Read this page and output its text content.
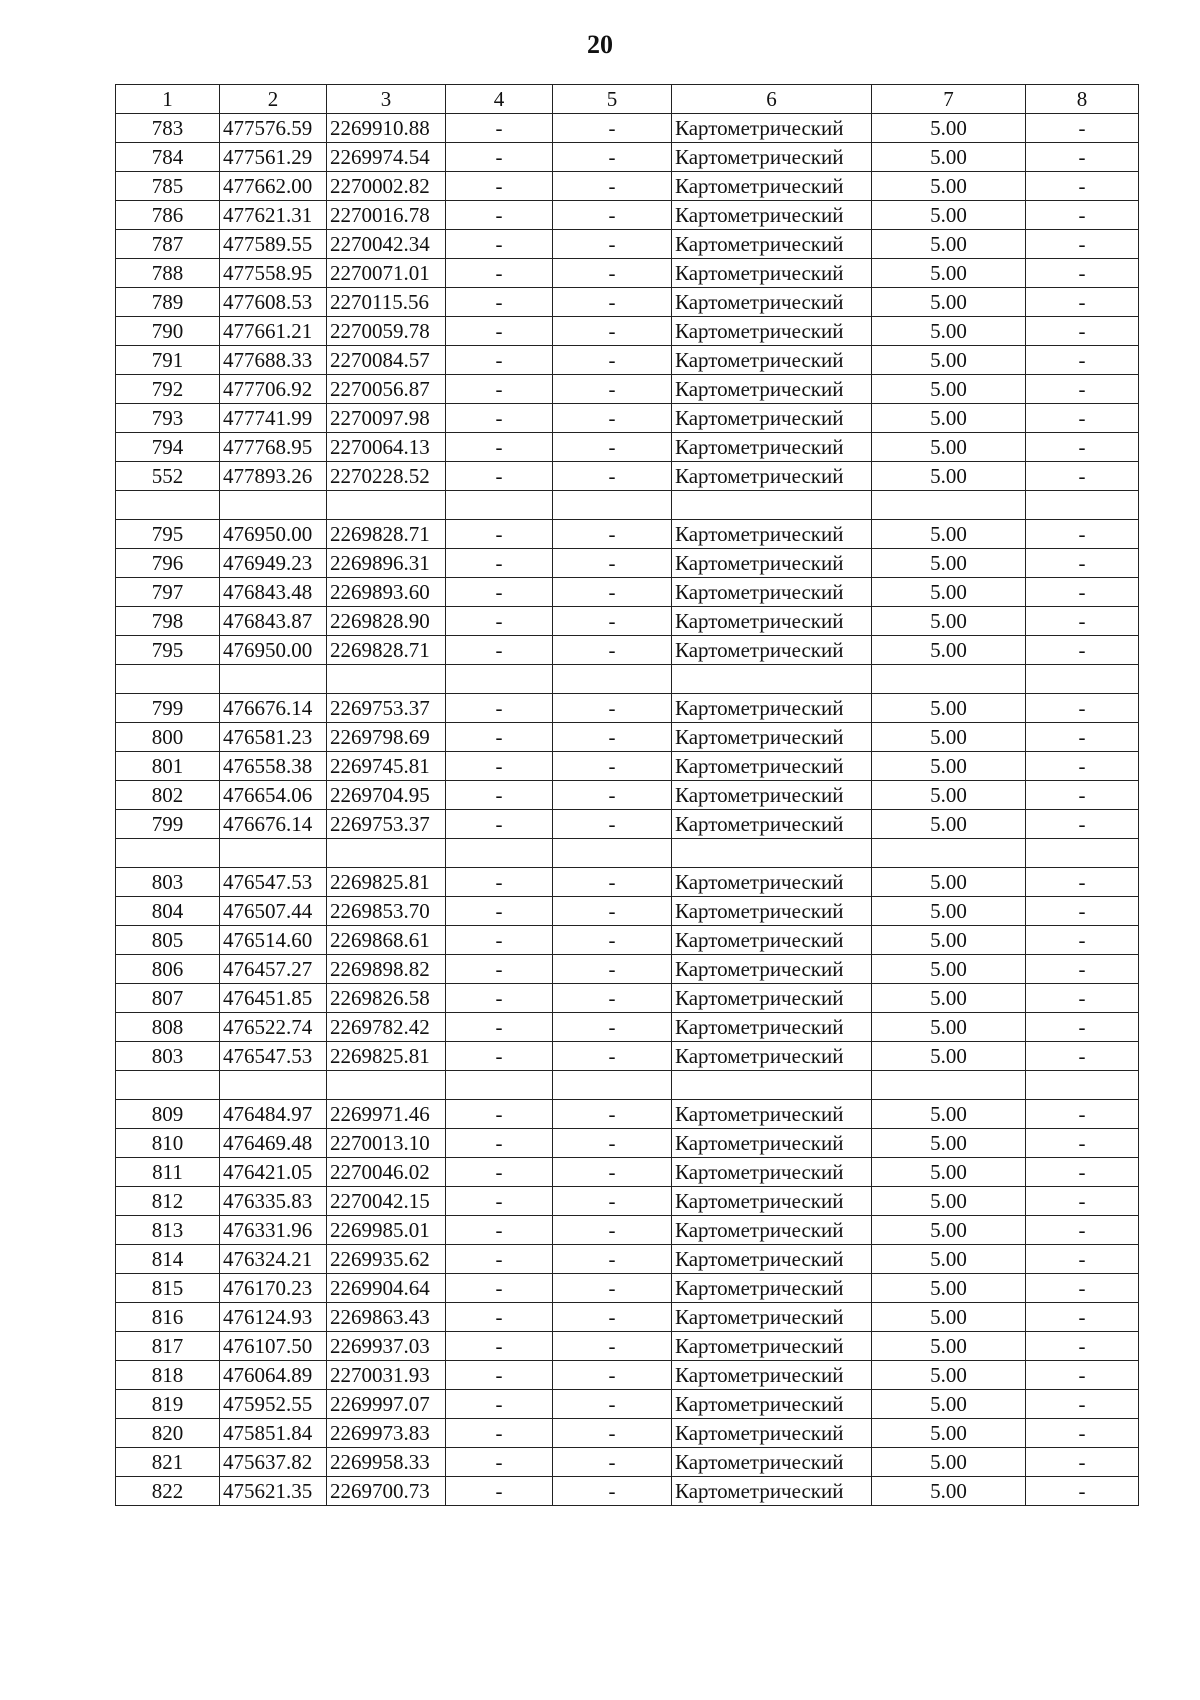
20
1	2	3	4	5	6	7	8
783	477576.59	2269910.88	-	-	Картометрический	5.00	-
784	477561.29	2269974.54	-	-	Картометрический	5.00	-
785	477662.00	2270002.82	-	-	Картометрический	5.00	-
786	477621.31	2270016.78	-	-	Картометрический	5.00	-
787	477589.55	2270042.34	-	-	Картометрический	5.00	-
788	477558.95	2270071.01	-	-	Картометрический	5.00	-
789	477608.53	2270115.56	-	-	Картометрический	5.00	-
790	477661.21	2270059.78	-	-	Картометрический	5.00	-
791	477688.33	2270084.57	-	-	Картометрический	5.00	-
792	477706.92	2270056.87	-	-	Картометрический	5.00	-
793	477741.99	2270097.98	-	-	Картометрический	5.00	-
794	477768.95	2270064.13	-	-	Картометрический	5.00	-
552	477893.26	2270228.52	-	-	Картометрический	5.00	-

795	476950.00	2269828.71	-	-	Картометрический	5.00	-
796	476949.23	2269896.31	-	-	Картометрический	5.00	-
797	476843.48	2269893.60	-	-	Картометрический	5.00	-
798	476843.87	2269828.90	-	-	Картометрический	5.00	-
795	476950.00	2269828.71	-	-	Картометрический	5.00	-

799	476676.14	2269753.37	-	-	Картометрический	5.00	-
800	476581.23	2269798.69	-	-	Картометрический	5.00	-
801	476558.38	2269745.81	-	-	Картометрический	5.00	-
802	476654.06	2269704.95	-	-	Картометрический	5.00	-
799	476676.14	2269753.37	-	-	Картометрический	5.00	-

803	476547.53	2269825.81	-	-	Картометрический	5.00	-
804	476507.44	2269853.70	-	-	Картометрический	5.00	-
805	476514.60	2269868.61	-	-	Картометрический	5.00	-
806	476457.27	2269898.82	-	-	Картометрический	5.00	-
807	476451.85	2269826.58	-	-	Картометрический	5.00	-
808	476522.74	2269782.42	-	-	Картометрический	5.00	-
803	476547.53	2269825.81	-	-	Картометрический	5.00	-

809	476484.97	2269971.46	-	-	Картометрический	5.00	-
810	476469.48	2270013.10	-	-	Картометрический	5.00	-
811	476421.05	2270046.02	-	-	Картометрический	5.00	-
812	476335.83	2270042.15	-	-	Картометрический	5.00	-
813	476331.96	2269985.01	-	-	Картометрический	5.00	-
814	476324.21	2269935.62	-	-	Картометрический	5.00	-
815	476170.23	2269904.64	-	-	Картометрический	5.00	-
816	476124.93	2269863.43	-	-	Картометрический	5.00	-
817	476107.50	2269937.03	-	-	Картометрический	5.00	-
818	476064.89	2270031.93	-	-	Картометрический	5.00	-
819	475952.55	2269997.07	-	-	Картометрический	5.00	-
820	475851.84	2269973.83	-	-	Картометрический	5.00	-
821	475637.82	2269958.33	-	-	Картометрический	5.00	-
822	475621.35	2269700.73	-	-	Картометрический	5.00	-
